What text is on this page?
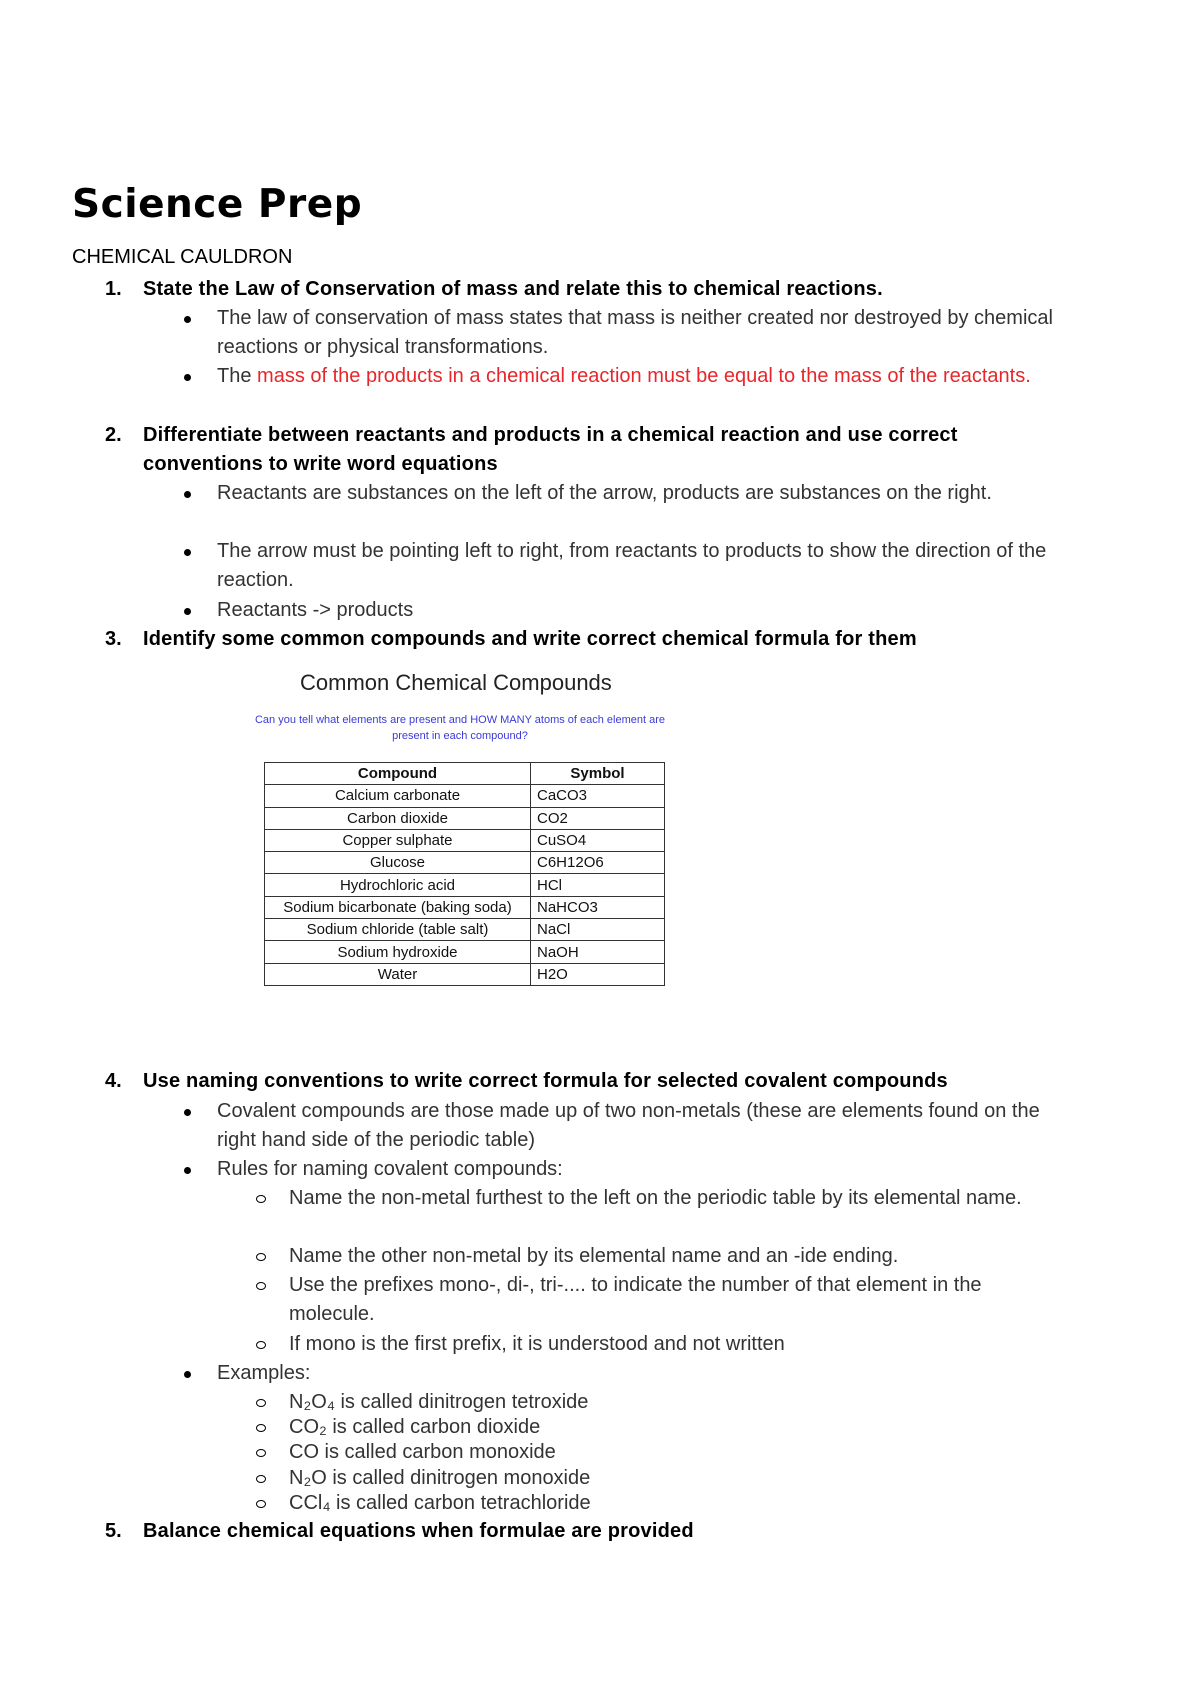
Science Prep

CHEMICAL CAULDRON

1.	State the Law of Conservation of mass and relate this to chemical reactions.

The law of conservation of mass states that mass is neither created nor destroyed by chemical reactions or physical transformations.

The mass of the products in a chemical reaction must be equal to the mass of the reactants.

2.	Differentiate between reactants and products in a chemical reaction and use correct conventions to write word equations

Reactants are substances on the left of the arrow, products are substances on the right.

The arrow must be pointing left to right, from reactants to products to show the direction of the reaction.

Reactants -> products

3.	Identify some common compounds and write correct chemical formula for them

Common Chemical Compounds

Can you tell what elements are present and HOW MANY atoms of each element are present in each compound?

Compound	Symbol
Calcium carbonate	CaCO3
Carbon dioxide	CO2
Copper sulphate	CuSO4
Glucose	C6H12O6
Hydrochloric acid	HCl
Sodium bicarbonate (baking soda)	NaHCO3
Sodium chloride (table salt)	NaCl
Sodium hydroxide	NaOH
Water	H2O

4.	Use naming conventions to write correct formula for selected covalent compounds

Covalent compounds are those made up of two non-metals (these are elements found on the right hand side of the periodic table)

Rules for naming covalent compounds:

Name the non-metal furthest to the left on the periodic table by its elemental name.

Name the other non-metal by its elemental name and an -ide ending.

Use the prefixes mono-, di-, tri-.... to indicate the number of that element in the molecule.

If mono is the first prefix, it is understood and not written

Examples:

N₂O₄ is called dinitrogen tetroxide

CO₂ is called carbon dioxide

CO is called carbon monoxide

N₂O is called dinitrogen monoxide

CCl₄ is called carbon tetrachloride

5.	Balance chemical equations when formulae are provided
